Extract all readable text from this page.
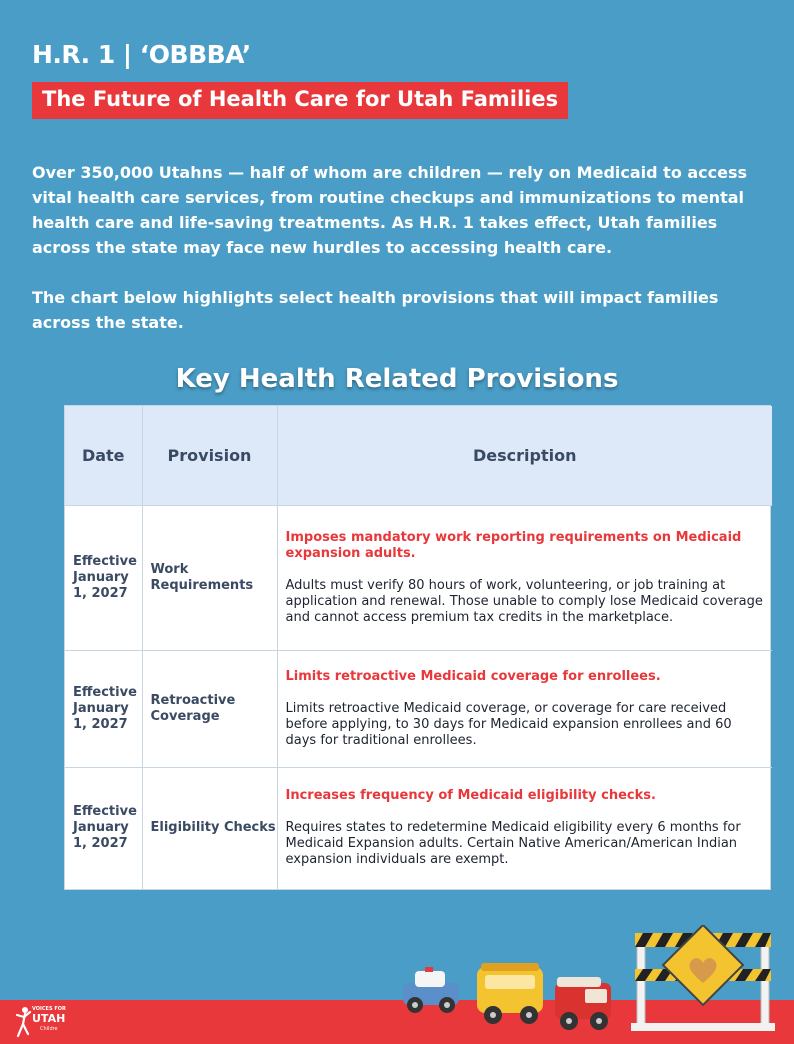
H.R. 1 | ‘OBBBA’
The Future of Health Care for Utah Families

Over 350,000 Utahns — half of whom are children — rely on Medicaid to access vital health care services, from routine checkups and immunizations to mental health care and life-saving treatments. As H.R. 1 takes effect, Utah families across the state may face new hurdles to accessing health care.

The chart below highlights select health provisions that will impact families across the state.

Key Health Related Provisions
Date	Provision	Description
Effective January 1, 2027	Work Requirements	Imposes mandatory work reporting requirements on Medicaid expansion adults.
Adults must verify 80 hours of work, volunteering, or job training at application and renewal. Those unable to comply lose Medicaid coverage and cannot access premium tax credits in the marketplace.

Effective January 1, 2027	Retroactive Coverage	Limits retroactive Medicaid coverage for enrollees.
Limits retroactive Medicaid coverage, or coverage for care received before applying, to 30 days for Medicaid expansion enrollees and 60 days for traditional enrollees.

Effective January 1, 2027	Eligibility Checks	Increases frequency of Medicaid eligibility checks.
Requires states to redetermine Medicaid eligibility every 6 months for Medicaid Expansion adults. Certain Native American/American Indian expansion individuals are exempt.
VOICES FOR
UTAH
Childre
